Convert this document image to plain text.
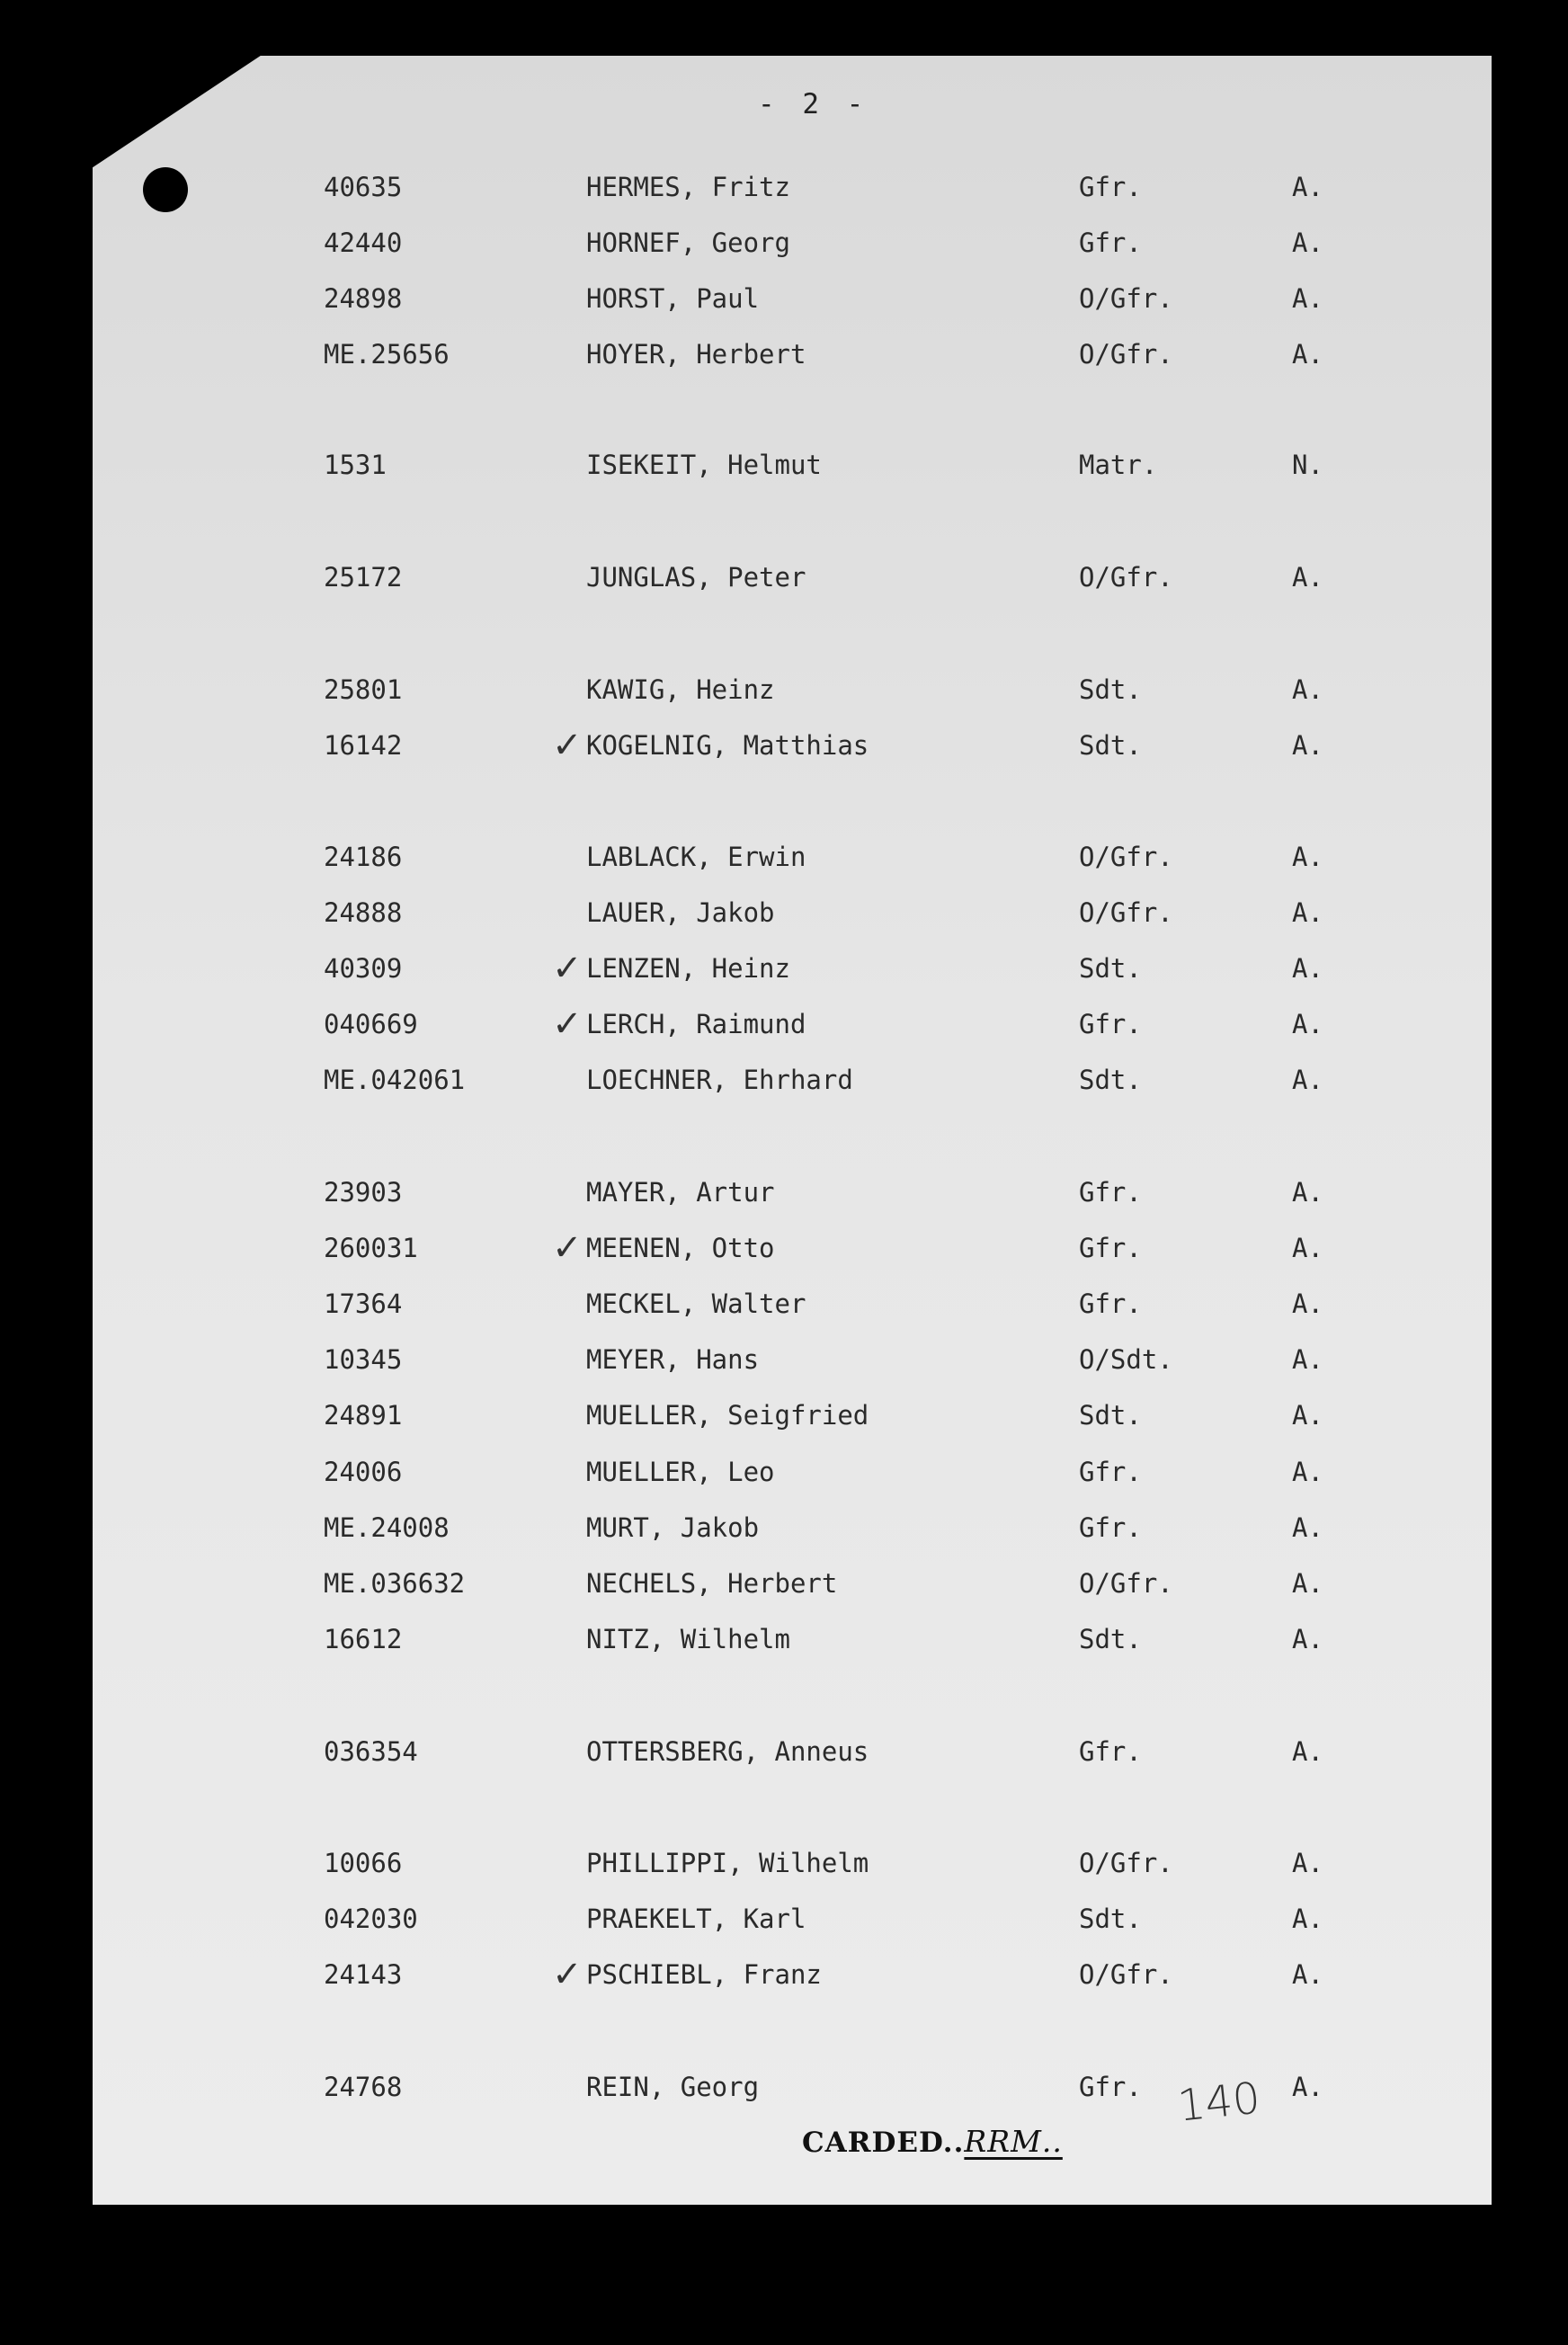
- 2 -
40635	HERMES, Fritz	Gfr.	A.
42440	HORNEF, Georg	Gfr.	A.
24898	HORST, Paul	O/Gfr.	A.
ME.25656	HOYER, Herbert	O/Gfr.	A.
1531	ISEKEIT, Helmut	Matr.	N.
25172	JUNGLAS, Peter	O/Gfr.	A.
25801	KAWIG, Heinz	Sdt.	A.
16142	✓ KOGELNIG, Matthias	Sdt.	A.
24186	LABLACK, Erwin	O/Gfr.	A.
24888	LAUER, Jakob	O/Gfr.	A.
40309	✓ LENZEN, Heinz	Sdt.	A.
040669	✓ LERCH, Raimund	Gfr.	A.
ME.042061	LOECHNER, Ehrhard	Sdt.	A.
23903	MAYER, Artur	Gfr.	A.
260031	✓ MEENEN, Otto	Gfr.	A.
17364	MECKEL, Walter	Gfr.	A.
10345	MEYER, Hans	O/Sdt.	A.
24891	MUELLER, Seigfried	Sdt.	A.
24006	MUELLER, Leo	Gfr.	A.
ME.24008	MURT, Jakob	Gfr.	A.
ME.036632	NECHELS, Herbert	O/Gfr.	A.
16612	NITZ, Wilhelm	Sdt.	A.
036354	OTTERSBERG, Anneus	Gfr.	A.
10066	PHILLIPPI, Wilhelm	O/Gfr.	A.
042030	PRAEKELT, Karl	Sdt.	A.
24143	✓ PSCHIEBL, Franz	O/Gfr.	A.
24768	REIN, Georg	Gfr.	A.
CARDED..RRM..
140
